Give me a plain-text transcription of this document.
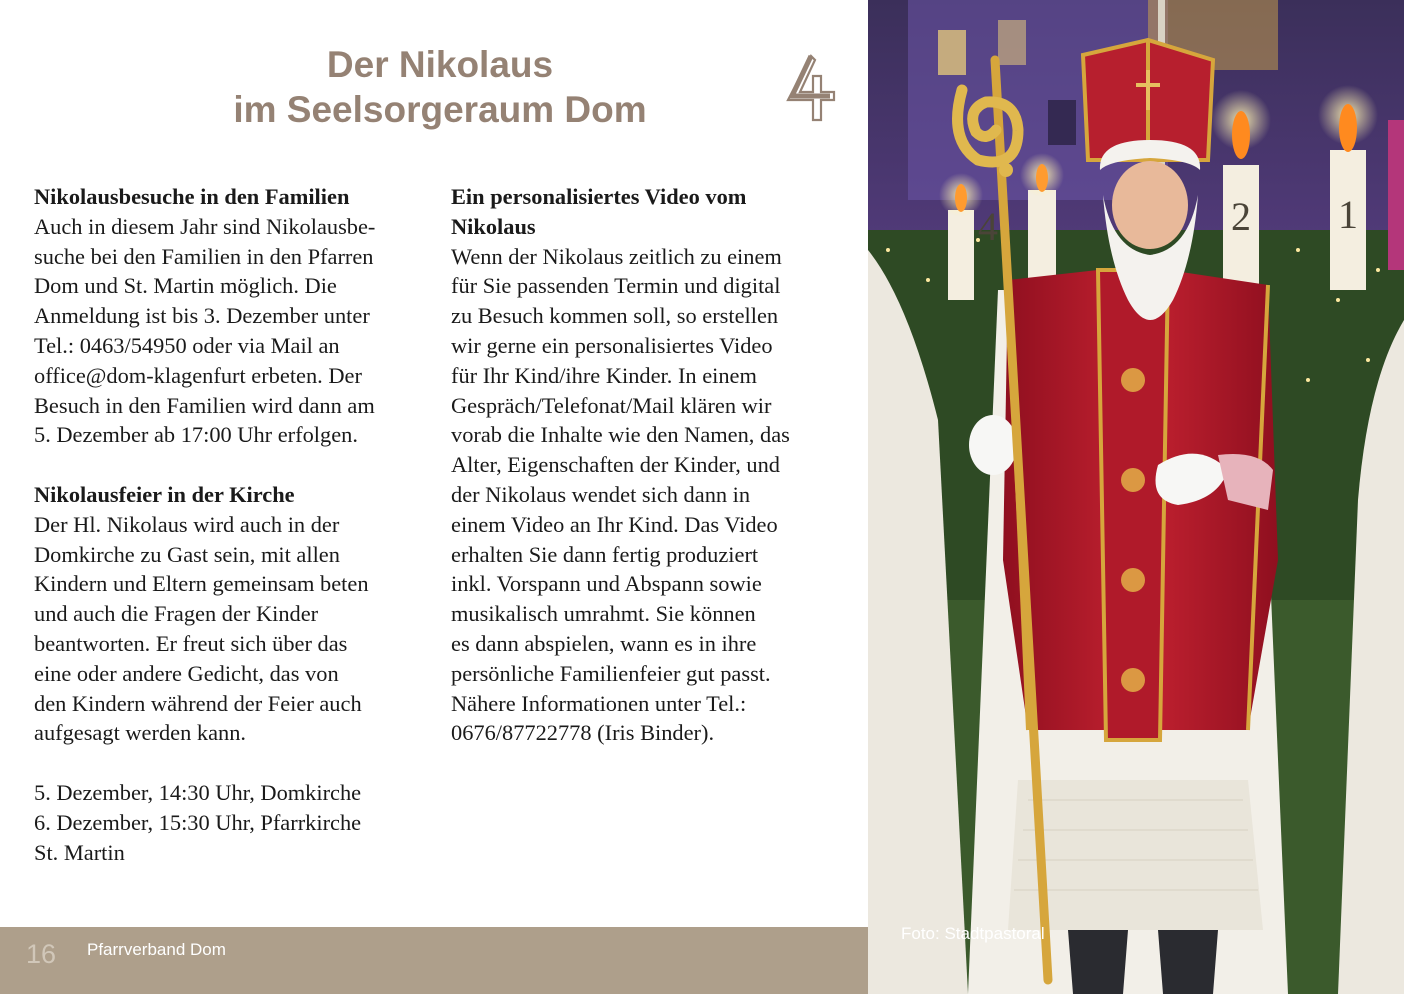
Der Nikolaus
im Seelsorgeraum Dom
Nikolausbesuche in den Familien

Auch in diesem Jahr sind Nikolausbe-
suche bei den Familien in den Pfarren
Dom und St. Martin möglich. Die
Anmeldung ist bis 3. Dezember unter
Tel.: 0463/54950 oder via Mail an
office@dom-klagenfurt erbeten. Der
Besuch in den Familien wird dann am
5. Dezember ab 17:00 Uhr erfolgen.

Nikolausfeier in der Kirche

Der Hl. Nikolaus wird auch in der
Domkirche zu Gast sein, mit allen
Kindern und Eltern gemeinsam beten
und auch die Fragen der Kinder
beantworten. Er freut sich über das
eine oder andere Gedicht, das von
den Kindern während der Feier auch
aufgesagt werden kann.

5. Dezember, 14:30 Uhr, Domkirche

6. Dezember, 15:30 Uhr, Pfarrkirche
St. Martin

Ein personalisiertes Video vom
Nikolaus

Wenn der Nikolaus zeitlich zu einem
für Sie passenden Termin und digital
zu Besuch kommen soll, so erstellen
wir gerne ein personalisiertes Video
für Ihr Kind/ihre Kinder. In einem
Gespräch/Telefonat/Mail klären wir
vorab die Inhalte wie den Namen, das
Alter, Eigenschaften der Kinder, und
der Nikolaus wendet sich dann in
einem Video an Ihr Kind. Das Video
erhalten Sie dann fertig produziert
inkl. Vorspann und Abspann sowie
musikalisch umrahmt. Sie können
es dann abspielen, wann es in ihre
persönliche Familienfeier gut passt.
Nähere Informationen unter Tel.:
0676/87722778 (Iris Binder).

16 Pfarrverband Dom
4	2 1
Foto: Stadtpastoral
